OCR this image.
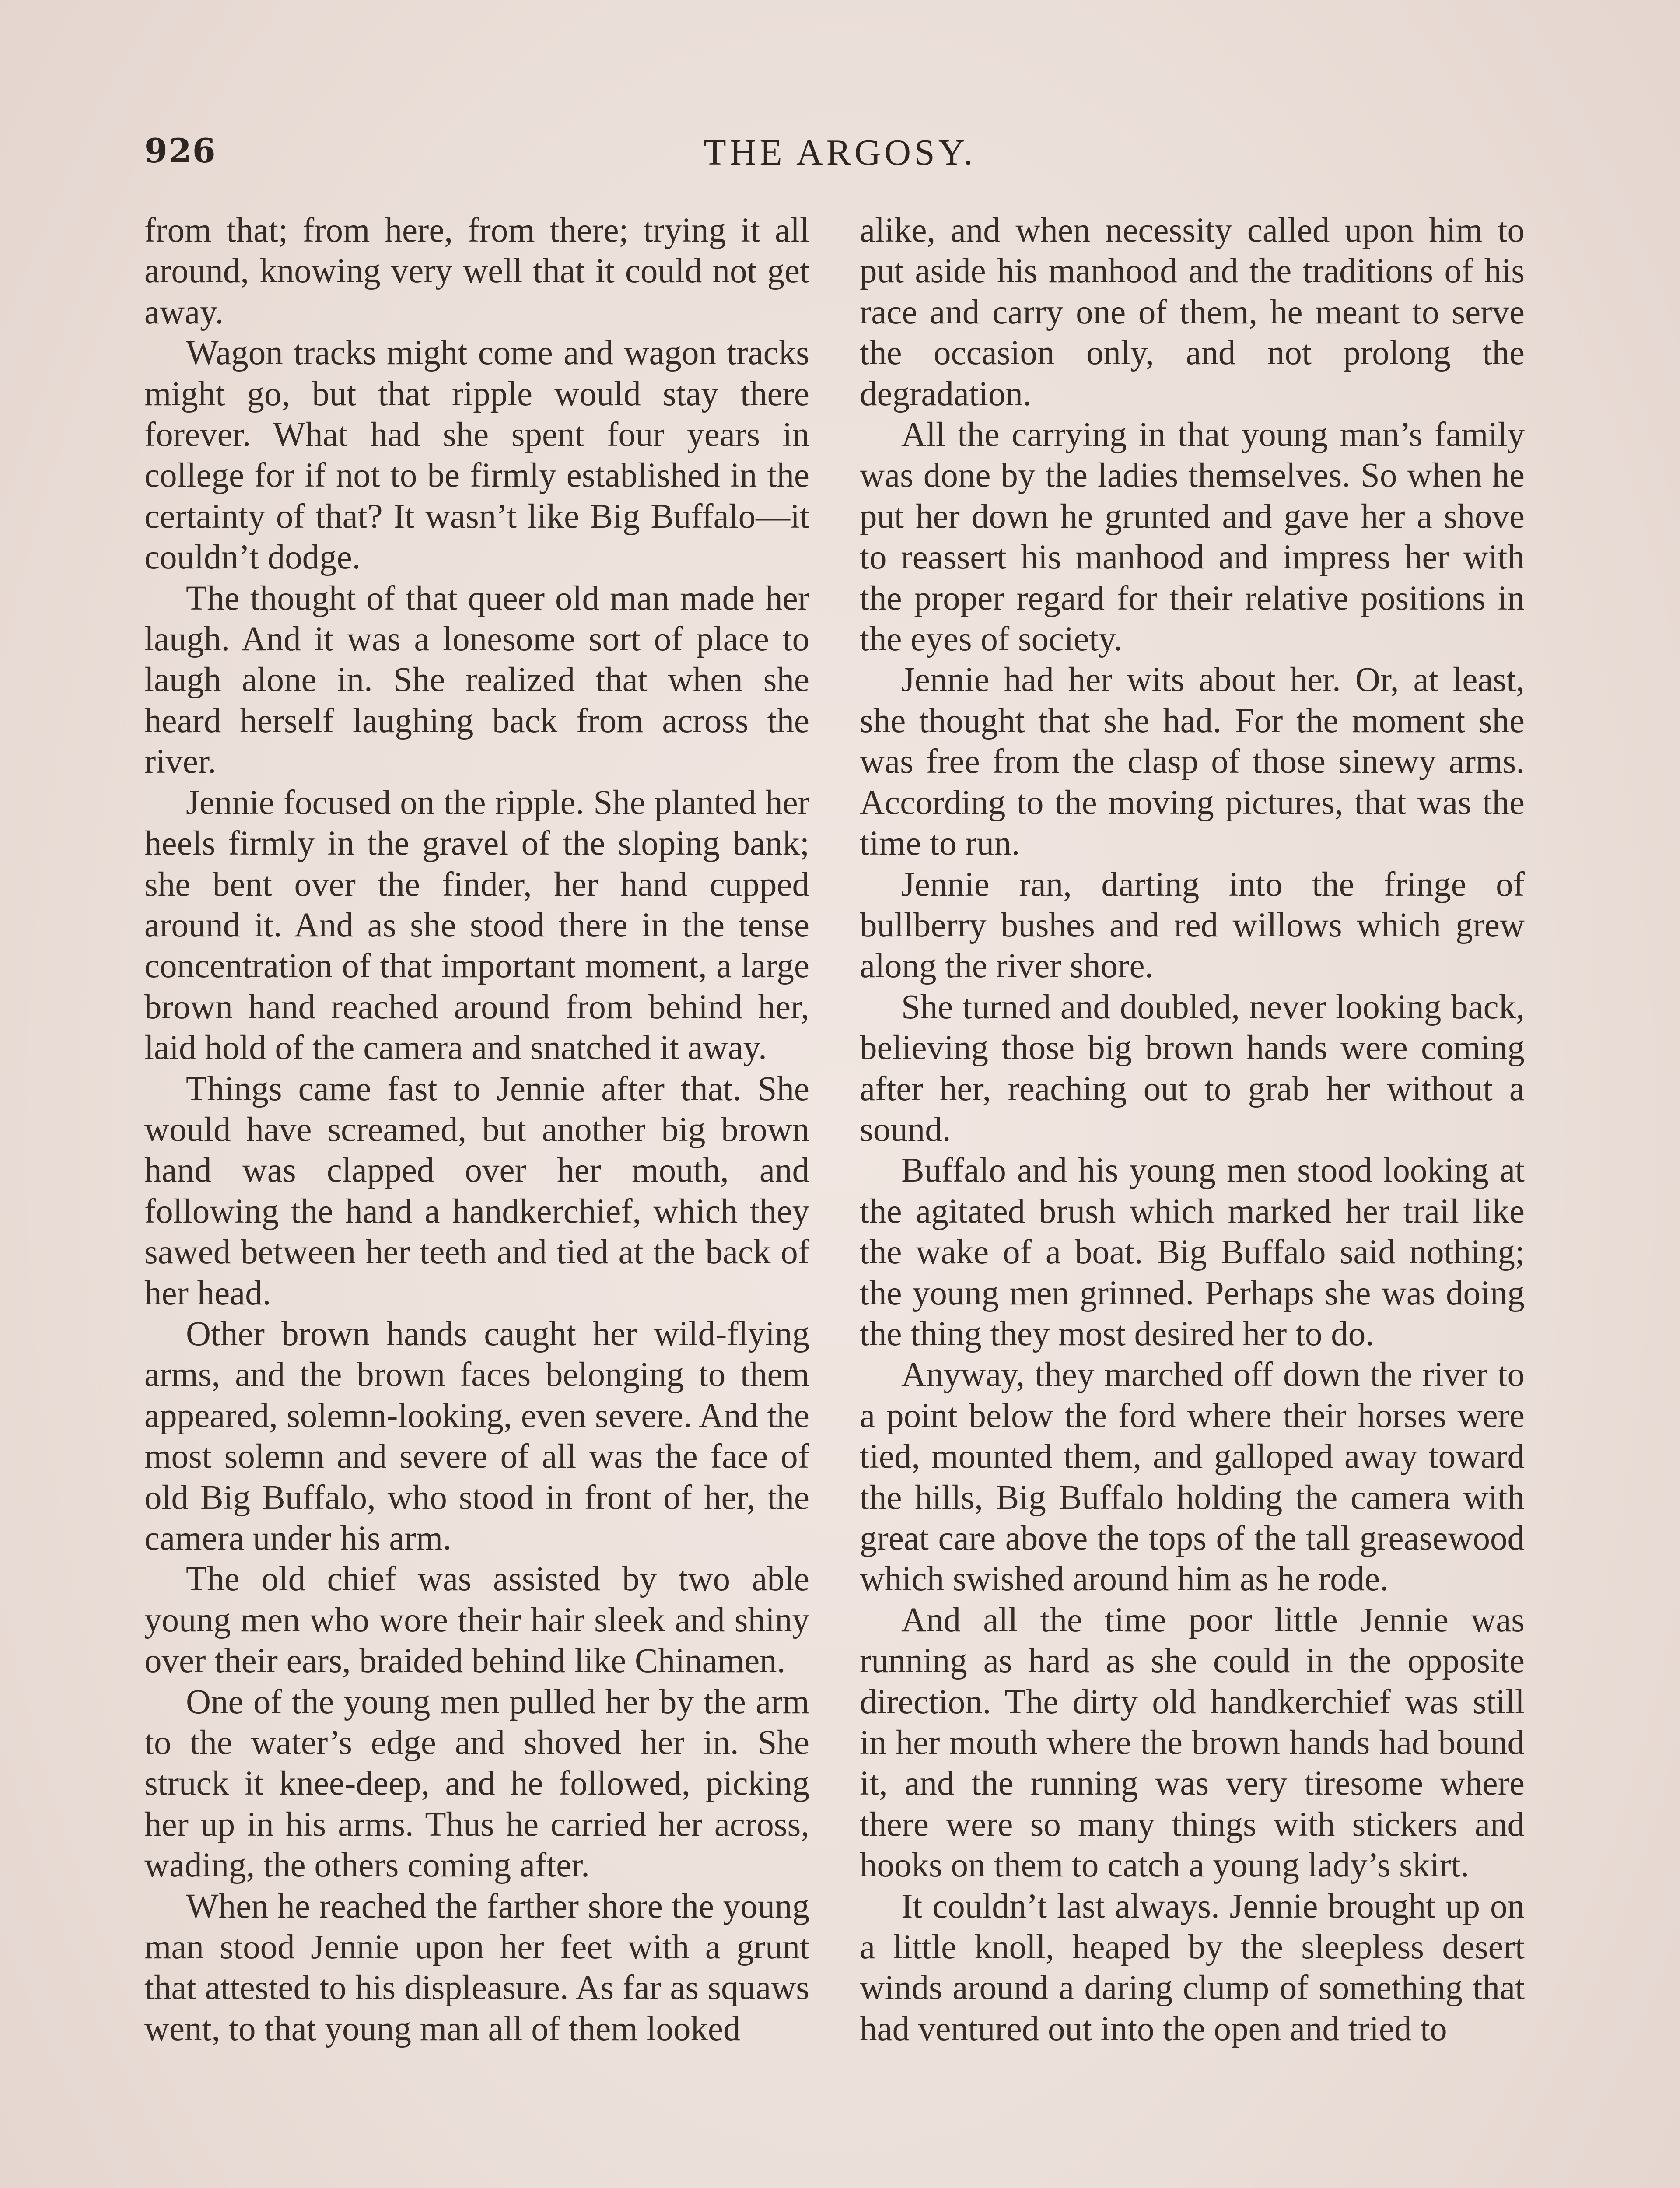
926	THE ARGOSY.

from that; from here, from there; trying it all around, knowing very well that it could not get away.

Wagon tracks might come and wagon tracks might go, but that ripple would stay there forever. What had she spent four years in college for if not to be firmly established in the certainty of that? It wasn’t like Big Buffalo—it couldn’t dodge.

The thought of that queer old man made her laugh. And it was a lonesome sort of place to laugh alone in. She realized that when she heard herself laughing back from across the river.

Jennie focused on the ripple. She planted her heels firmly in the gravel of the sloping bank; she bent over the finder, her hand cupped around it. And as she stood there in the tense concentration of that important moment, a large brown hand reached around from behind her, laid hold of the camera and snatched it away.

Things came fast to Jennie after that. She would have screamed, but another big brown hand was clapped over her mouth, and following the hand a handkerchief, which they sawed between her teeth and tied at the back of her head.

Other brown hands caught her wild-flying arms, and the brown faces belonging to them appeared, solemn-looking, even severe. And the most solemn and severe of all was the face of old Big Buffalo, who stood in front of her, the camera under his arm.

The old chief was assisted by two able young men who wore their hair sleek and shiny over their ears, braided behind like Chinamen.

One of the young men pulled her by the arm to the water’s edge and shoved her in. She struck it knee-deep, and he followed, picking her up in his arms. Thus he carried her across, wading, the others coming after.

When he reached the farther shore the young man stood Jennie upon her feet with a grunt that attested to his displeasure. As far as squaws went, to that young man all of them looked

alike, and when necessity called upon him to put aside his manhood and the traditions of his race and carry one of them, he meant to serve the occasion only, and not prolong the degradation.

All the carrying in that young man’s family was done by the ladies themselves. So when he put her down he grunted and gave her a shove to reassert his manhood and impress her with the proper regard for their relative positions in the eyes of society.

Jennie had her wits about her. Or, at least, she thought that she had. For the moment she was free from the clasp of those sinewy arms. According to the moving pictures, that was the time to run.

Jennie ran, darting into the fringe of bullberry bushes and red willows which grew along the river shore.

She turned and doubled, never looking back, believing those big brown hands were coming after her, reaching out to grab her without a sound.

Buffalo and his young men stood looking at the agitated brush which marked her trail like the wake of a boat. Big Buffalo said nothing; the young men grinned. Perhaps she was doing the thing they most desired her to do.

Anyway, they marched off down the river to a point below the ford where their horses were tied, mounted them, and galloped away toward the hills, Big Buffalo holding the camera with great care above the tops of the tall greasewood which swished around him as he rode.

And all the time poor little Jennie was running as hard as she could in the opposite direction. The dirty old handkerchief was still in her mouth where the brown hands had bound it, and the running was very tiresome where there were so many things with stickers and hooks on them to catch a young lady’s skirt.

It couldn’t last always. Jennie brought up on a little knoll, heaped by the sleepless desert winds around a daring clump of something that had ventured out into the open and tried to
